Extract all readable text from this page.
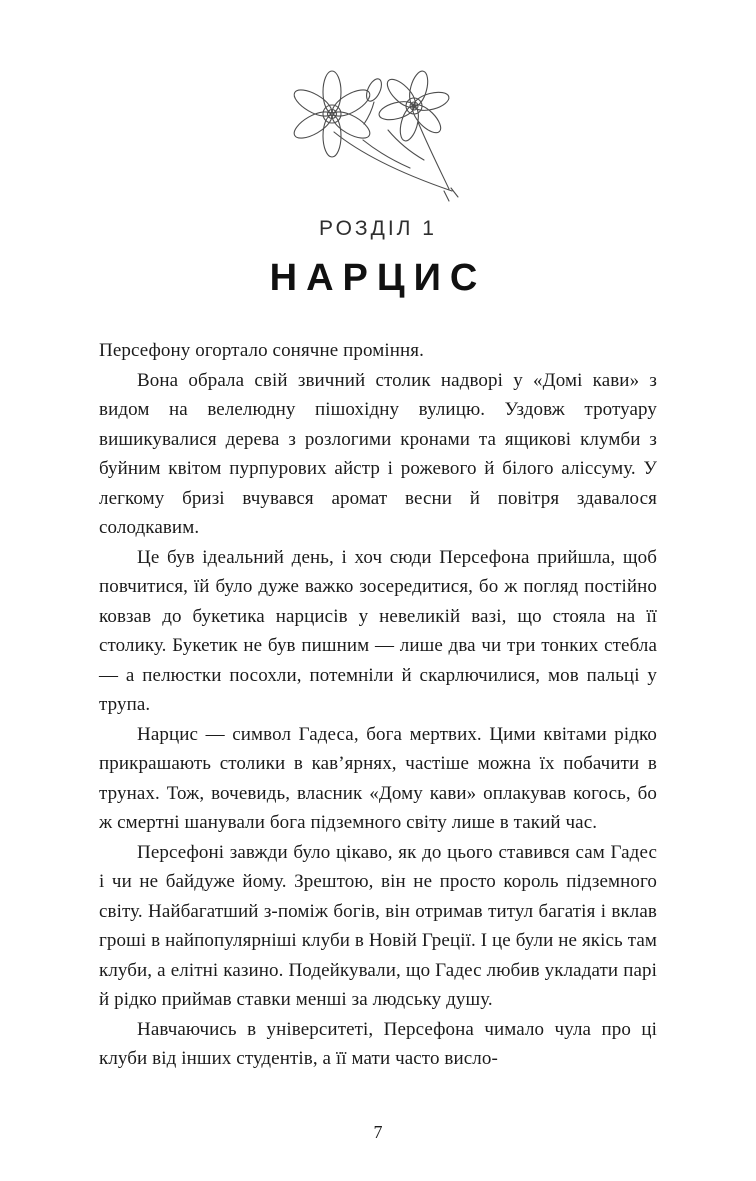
РОЗДІЛ 1
НАРЦИС

Персефону огортало сонячне проміння.

Вона обрала свій звичний столик надворі у «Домі кави» з видом на велелюдну пішохідну вулицю. Уздовж тротуару вишикувалися дерева з розлогими кронами та ящикові клумби з буйним квітом пурпурових айстр і рожевого й білого аліссуму. У легкому бризі вчувався аромат весни й повітря здавалося солодкавим.

Це був ідеальний день, і хоч сюди Персефона прийшла, щоб повчитися, їй було дуже важко зосередитися, бо ж погляд постійно ковзав до букетика нарцисів у невеликій вазі, що стояла на її столику. Букетик не був пишним — лише два чи три тонких стебла — а пелюстки посохли, потемніли й скарлючилися, мов пальці у трупа.

Нарцис — символ Гадеса, бога мертвих. Цими квітами рідко прикрашають столики в кав’ярнях, частіше можна їх побачити в трунах. Тож, вочевидь, власник «Дому кави» оплакував когось, бо ж смертні шанували бога підземного світу лише в такий час.

Персефоні завжди було цікаво, як до цього ставився сам Гадес і чи не байдуже йому. Зрештою, він не просто король підземного світу. Найбагатший з-поміж богів, він отримав титул багатія і вклав гроші в найпопулярніші клуби в Новій Греції. І це були не якісь там клуби, а елітні казино. Подейкували, що Гадес любив укладати парі й рідко приймав ставки менші за людську душу.

Навчаючись в університеті, Персефона чимало чула про ці клуби від інших студентів, а її мати часто висло-

7
